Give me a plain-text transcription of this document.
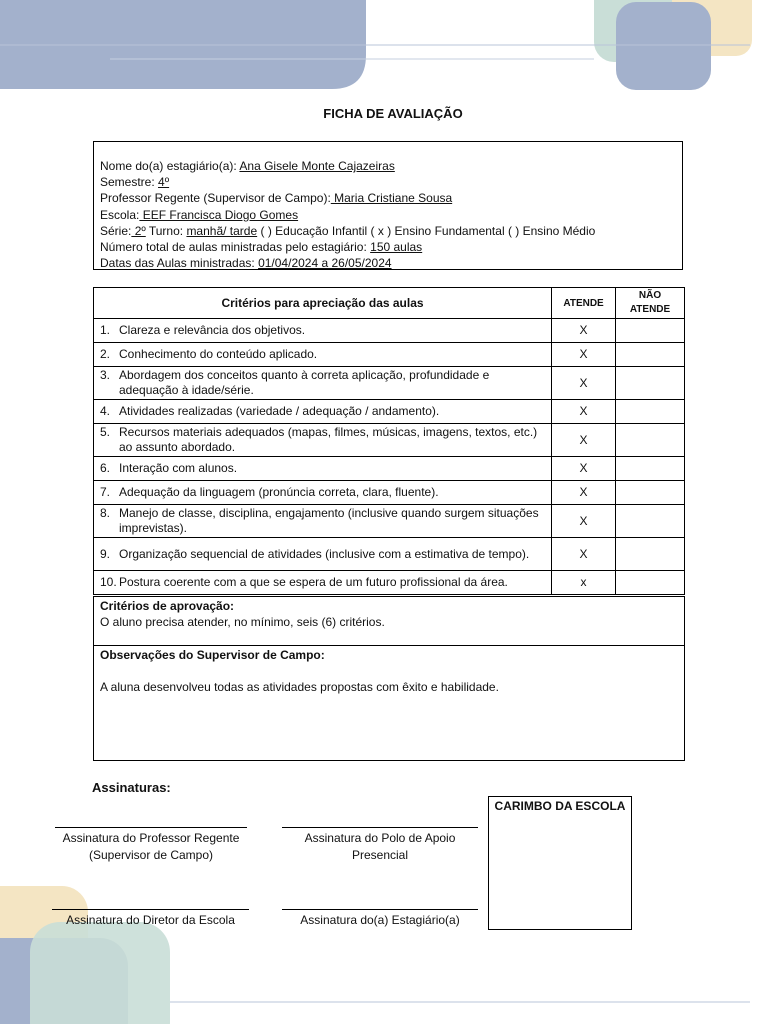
FICHA DE AVALIAÇÃO
Nome do(a) estagiário(a): Ana Gisele Monte Cajazeiras
Semestre: 4º
Professor Regente (Supervisor de Campo): Maria Cristiane Sousa
Escola: EEF Francisca Diogo Gomes
Série: 2º Turno: manhã/ tarde ( ) Educação Infantil ( x ) Ensino Fundamental ( ) Ensino Médio
Número total de aulas ministradas pelo estagiário: 150 aulas
Datas das Aulas ministradas: 01/04/2024 a 26/05/2024
Critérios para apreciação das aulas	ATENDE	NÃO
ATENDE

1. Clareza e relevância dos objetivos.	X	

2. Conhecimento do conteúdo aplicado.	X	

3. Abordagem dos conceitos quanto à correta aplicação, profundidade e adequação à idade/série.	X	

4. Atividades realizadas (variedade / adequação / andamento).	X	

5. Recursos materiais adequados (mapas, filmes, músicas, imagens, textos, etc.) ao assunto abordado.	X	

6. Interação com alunos.	X	

7. Adequação da linguagem (pronúncia correta, clara, fluente).	X	

8. Manejo de classe, disciplina, engajamento (inclusive quando surgem situações imprevistas).	X	

9. Organização sequencial de atividades (inclusive com a estimativa de tempo).	X	

10. Postura coerente com a que se espera de um futuro profissional da área.	x	
Critérios de aprovação:
O aluno precisa atender, no mínimo, seis (6) critérios.
Observações do Supervisor de Campo:
A aluna desenvolveu todas as atividades propostas com êxito e habilidade.
Assinaturas:
Assinatura do Professor Regente
(Supervisor de Campo)
Assinatura do Polo de Apoio
Presencial
Assinatura do Diretor da Escola	Assinatura do(a) Estagiário(a)
CARIMBO DA ESCOLA
